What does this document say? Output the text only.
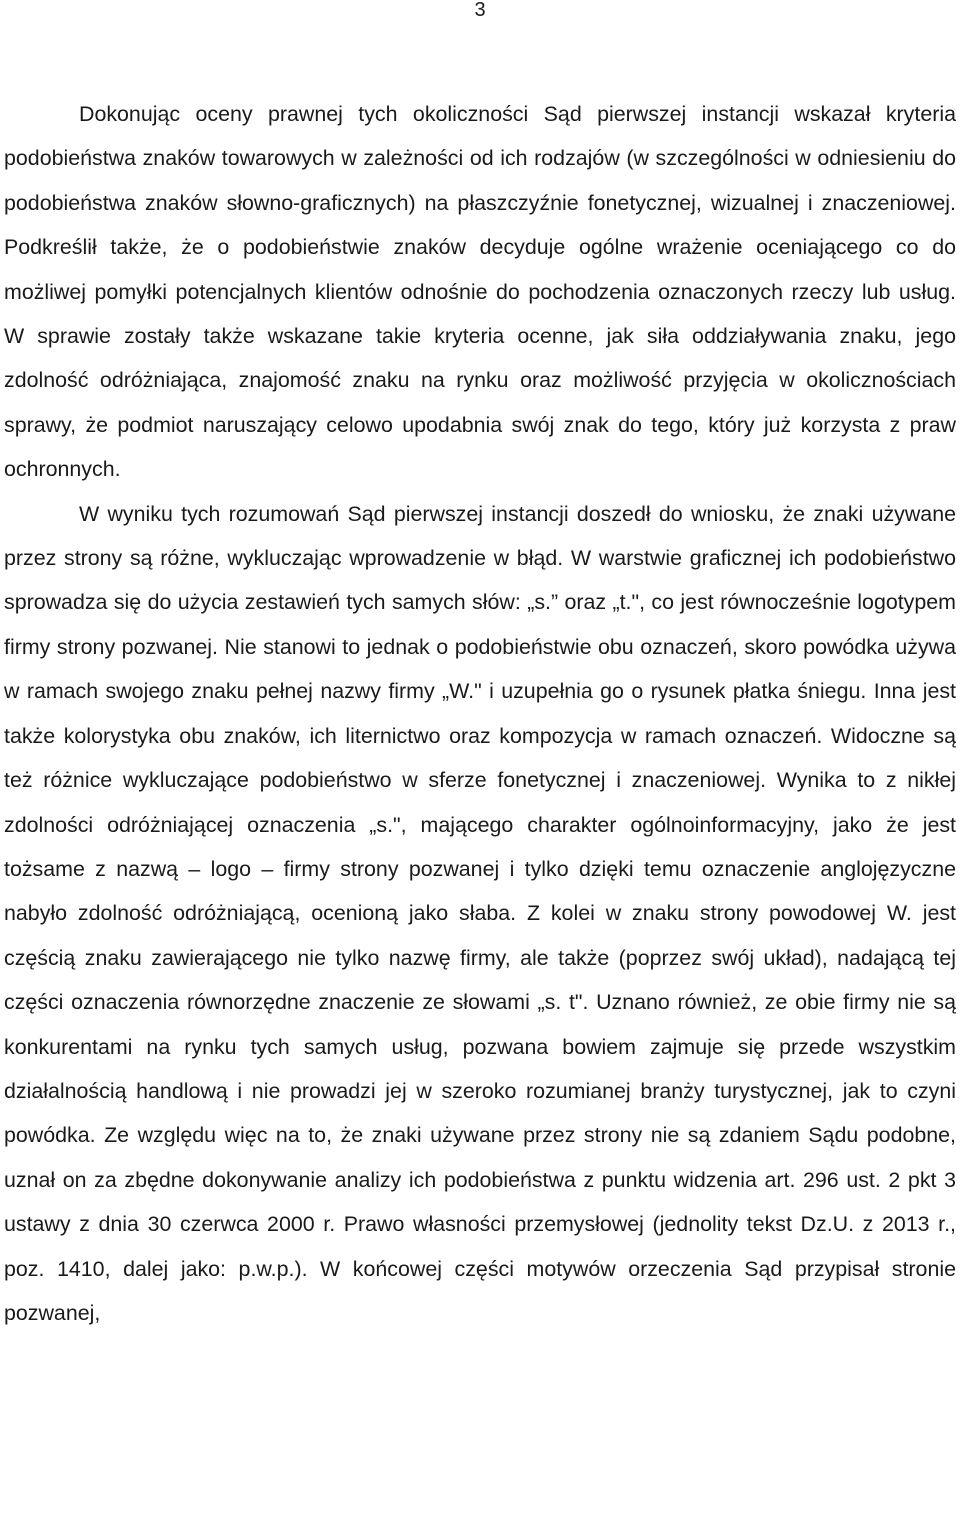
3

Dokonując oceny prawnej tych okoliczności Sąd pierwszej instancji wskazał kryteria podobieństwa znaków towarowych w zależności od ich rodzajów (w szczególności w odniesieniu do podobieństwa znaków słowno-graficznych) na płaszczyźnie fonetycznej, wizualnej i znaczeniowej. Podkreślił także, że o podobieństwie znaków decyduje ogólne wrażenie oceniającego co do możliwej pomyłki potencjalnych klientów odnośnie do pochodzenia oznaczonych rzeczy lub usług. W sprawie zostały także wskazane takie kryteria ocenne, jak siła oddziaływania znaku, jego zdolność odróżniająca, znajomość znaku na rynku oraz możliwość przyjęcia w okolicznościach sprawy, że podmiot naruszający celowo upodabnia swój znak do tego, który już korzysta z praw ochronnych.

W wyniku tych rozumowań Sąd pierwszej instancji doszedł do wniosku, że znaki używane przez strony są różne, wykluczając wprowadzenie w błąd. W warstwie graficznej ich podobieństwo sprowadza się do użycia zestawień tych samych słów: „s.” oraz „t.", co jest równocześnie logotypem firmy strony pozwanej. Nie stanowi to jednak o podobieństwie obu oznaczeń, skoro powódka używa w ramach swojego znaku pełnej nazwy firmy „W." i uzupełnia go o rysunek płatka śniegu. Inna jest także kolorystyka obu znaków, ich liternictwo oraz kompozycja w ramach oznaczeń. Widoczne są też różnice wykluczające podobieństwo w sferze fonetycznej i znaczeniowej. Wynika to z nikłej zdolności odróżniającej oznaczenia „s.", mającego charakter ogólnoinformacyjny, jako że jest tożsame z nazwą – logo – firmy strony pozwanej i tylko dzięki temu oznaczenie anglojęzyczne nabyło zdolność odróżniającą, ocenioną jako słaba. Z kolei w znaku strony powodowej W. jest częścią znaku zawierającego nie tylko nazwę firmy, ale także (poprzez swój układ), nadającą tej części oznaczenia równorzędne znaczenie ze słowami „s. t". Uznano również, ze obie firmy nie są konkurentami na rynku tych samych usług, pozwana bowiem zajmuje się przede wszystkim działalnością handlową i nie prowadzi jej w szeroko rozumianej branży turystycznej, jak to czyni powódka. Ze względu więc na to, że znaki używane przez strony nie są zdaniem Sądu podobne, uznał on za zbędne dokonywanie analizy ich podobieństwa z punktu widzenia art. 296 ust. 2 pkt 3 ustawy z dnia 30 czerwca 2000 r. Prawo własności przemysłowej (jednolity tekst Dz.U. z 2013 r., poz. 1410, dalej jako: p.w.p.). W końcowej części motywów orzeczenia Sąd przypisał stronie pozwanej,
